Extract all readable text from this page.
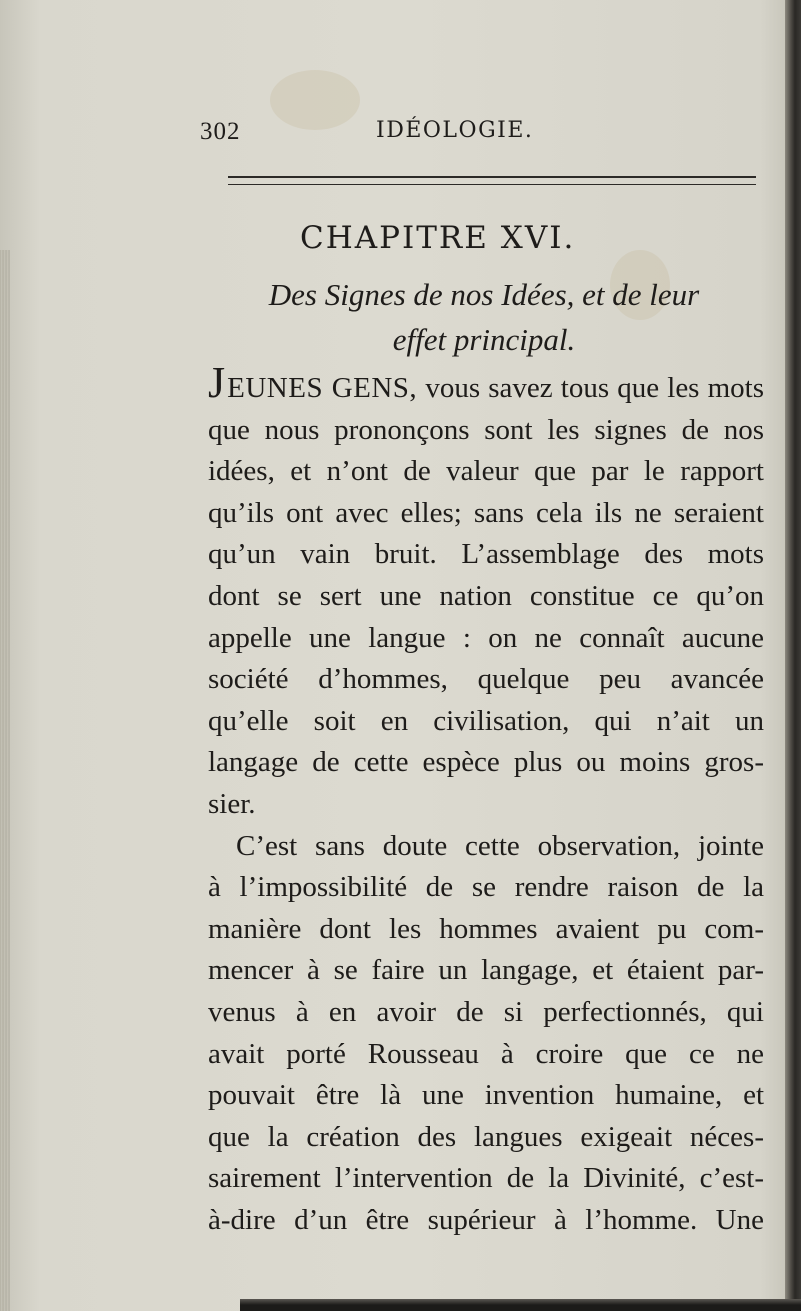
302	IDÉOLOGIE.
CHAPITRE XVI.
Des Signes de nos Idées, et de leur
effet principal.
JEUNES GENS, vous savez tous que les mots
que nous prononçons sont les signes de nos
idées, et n’ont de valeur que par le rapport
qu’ils ont avec elles; sans cela ils ne seraient
qu’un vain bruit. L’assemblage des mots
dont se sert une nation constitue ce qu’on
appelle une langue : on ne connaît aucune
société d’hommes, quelque peu avancée
qu’elle soit en civilisation, qui n’ait un
langage de cette espèce plus ou moins gros-
sier.
C’est sans doute cette observation, jointe
à l’impossibilité de se rendre raison de la
manière dont les hommes avaient pu com-
mencer à se faire un langage, et étaient par-
venus à en avoir de si perfectionnés, qui
avait porté Rousseau à croire que ce ne
pouvait être là une invention humaine, et
que la création des langues exigeait néces-
sairement l’intervention de la Divinité, c’est-
à-dire d’un être supérieur à l’homme. Une
